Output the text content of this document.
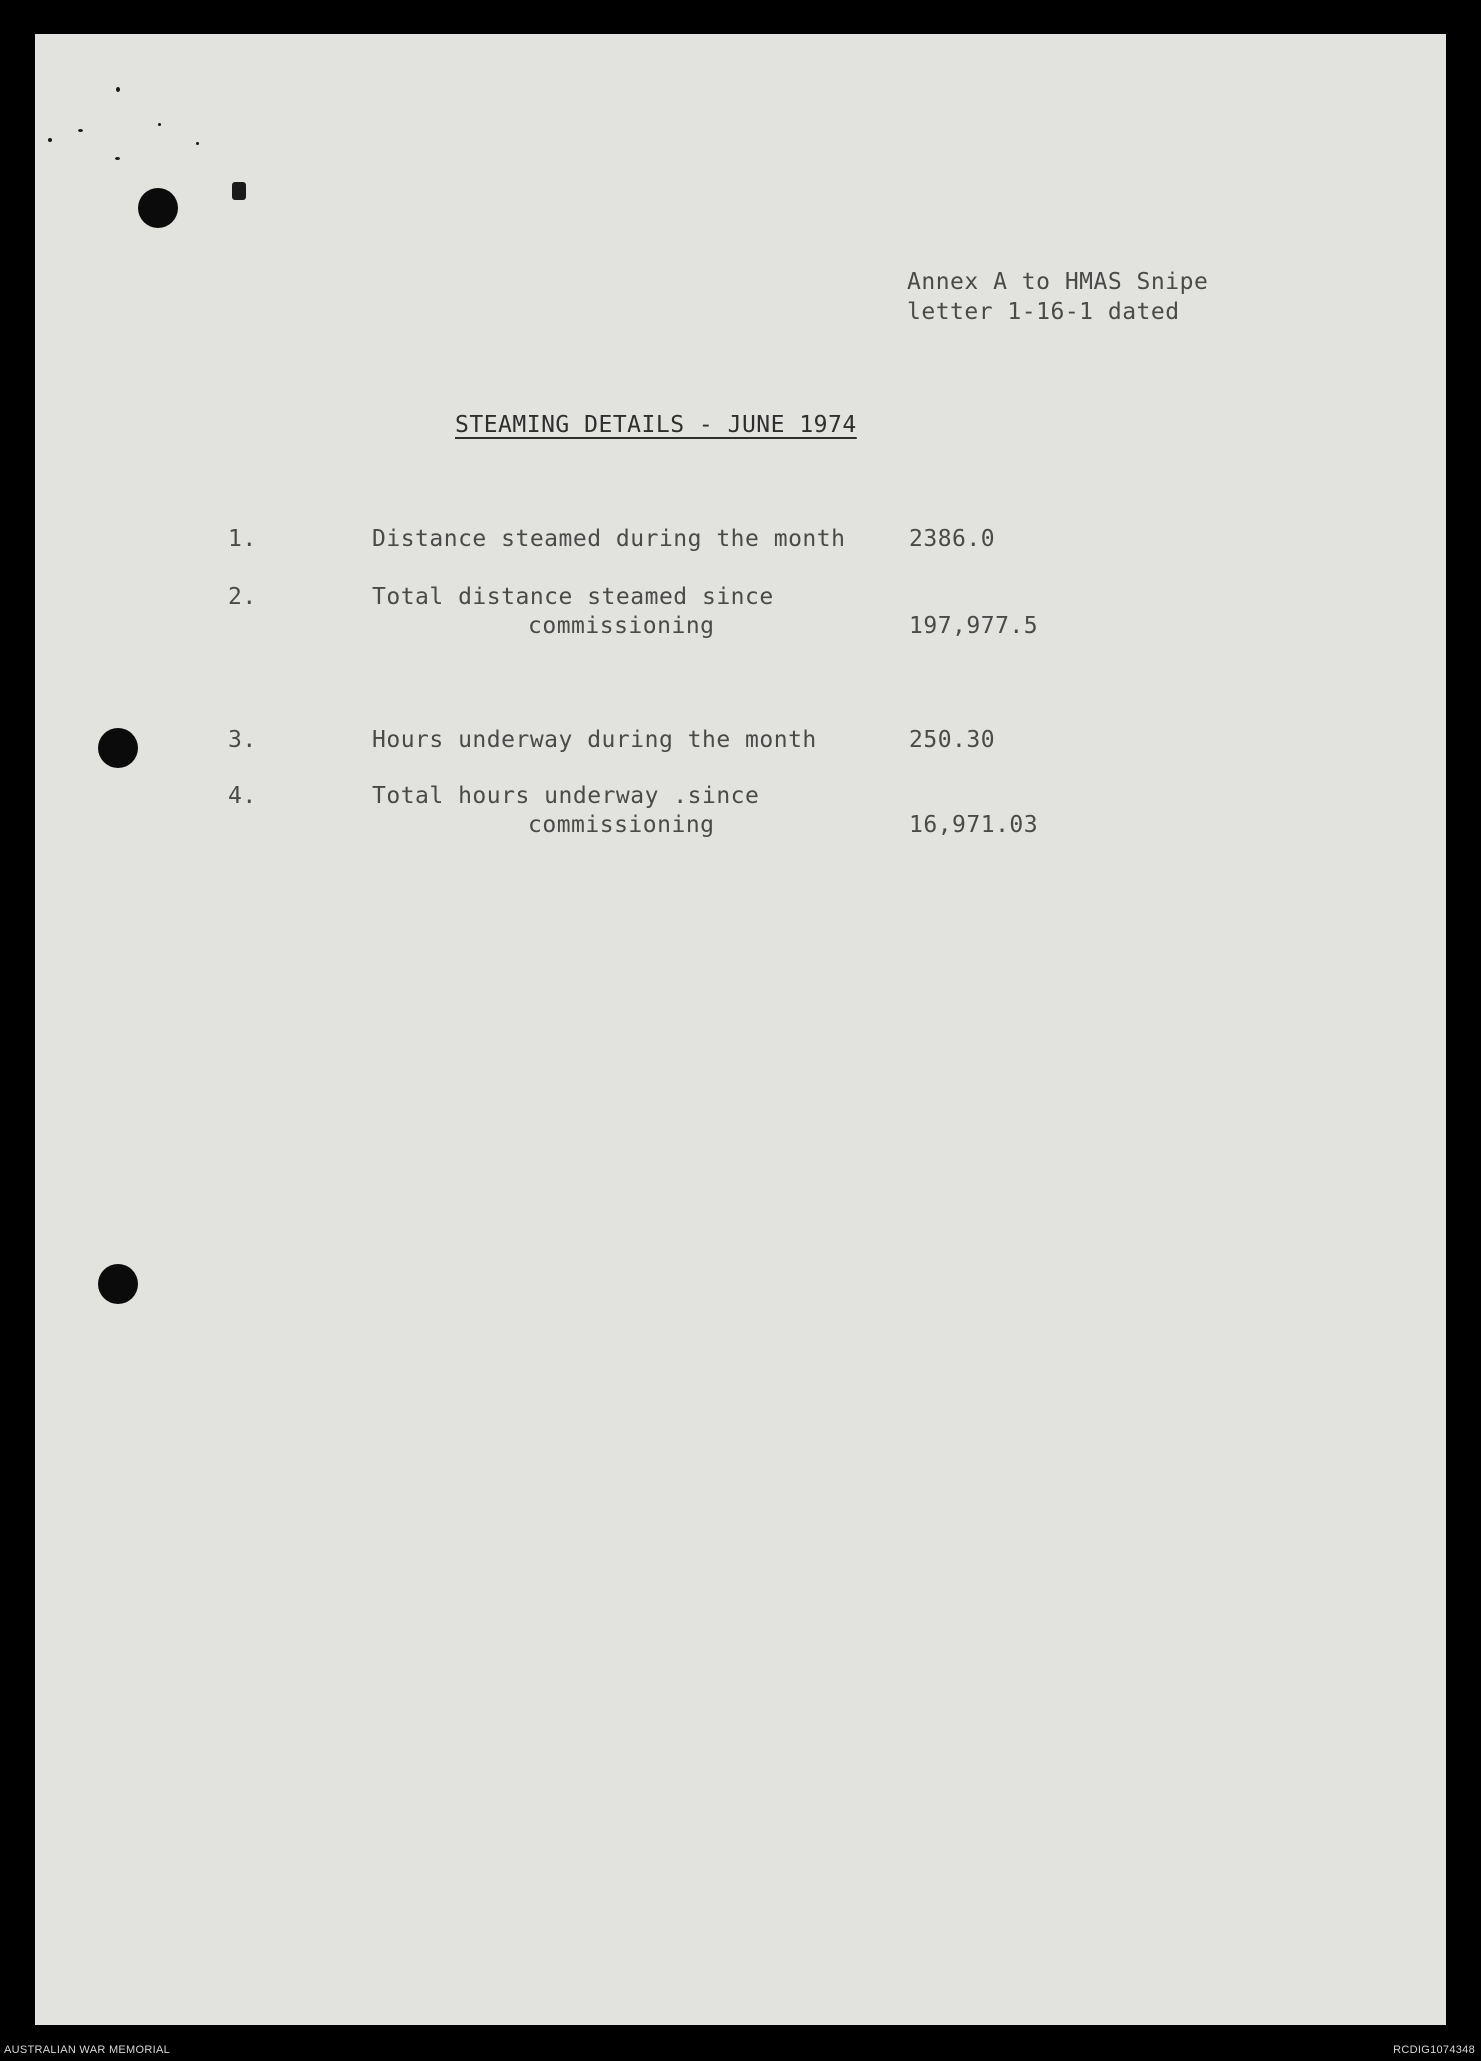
Annex A to HMAS Snipe
letter 1-16-1 dated
STEAMING DETAILS - JUNE 1974
1.	Distance steamed during the month	2386.0
2.	Total distance steamed since
commissioning	197,977.5
3.	Hours underway during the month	250.30
4.	Total hours underway .since
commissioning	16,971.03
AUSTRALIAN WAR MEMORIAL	RCDIG1074348
